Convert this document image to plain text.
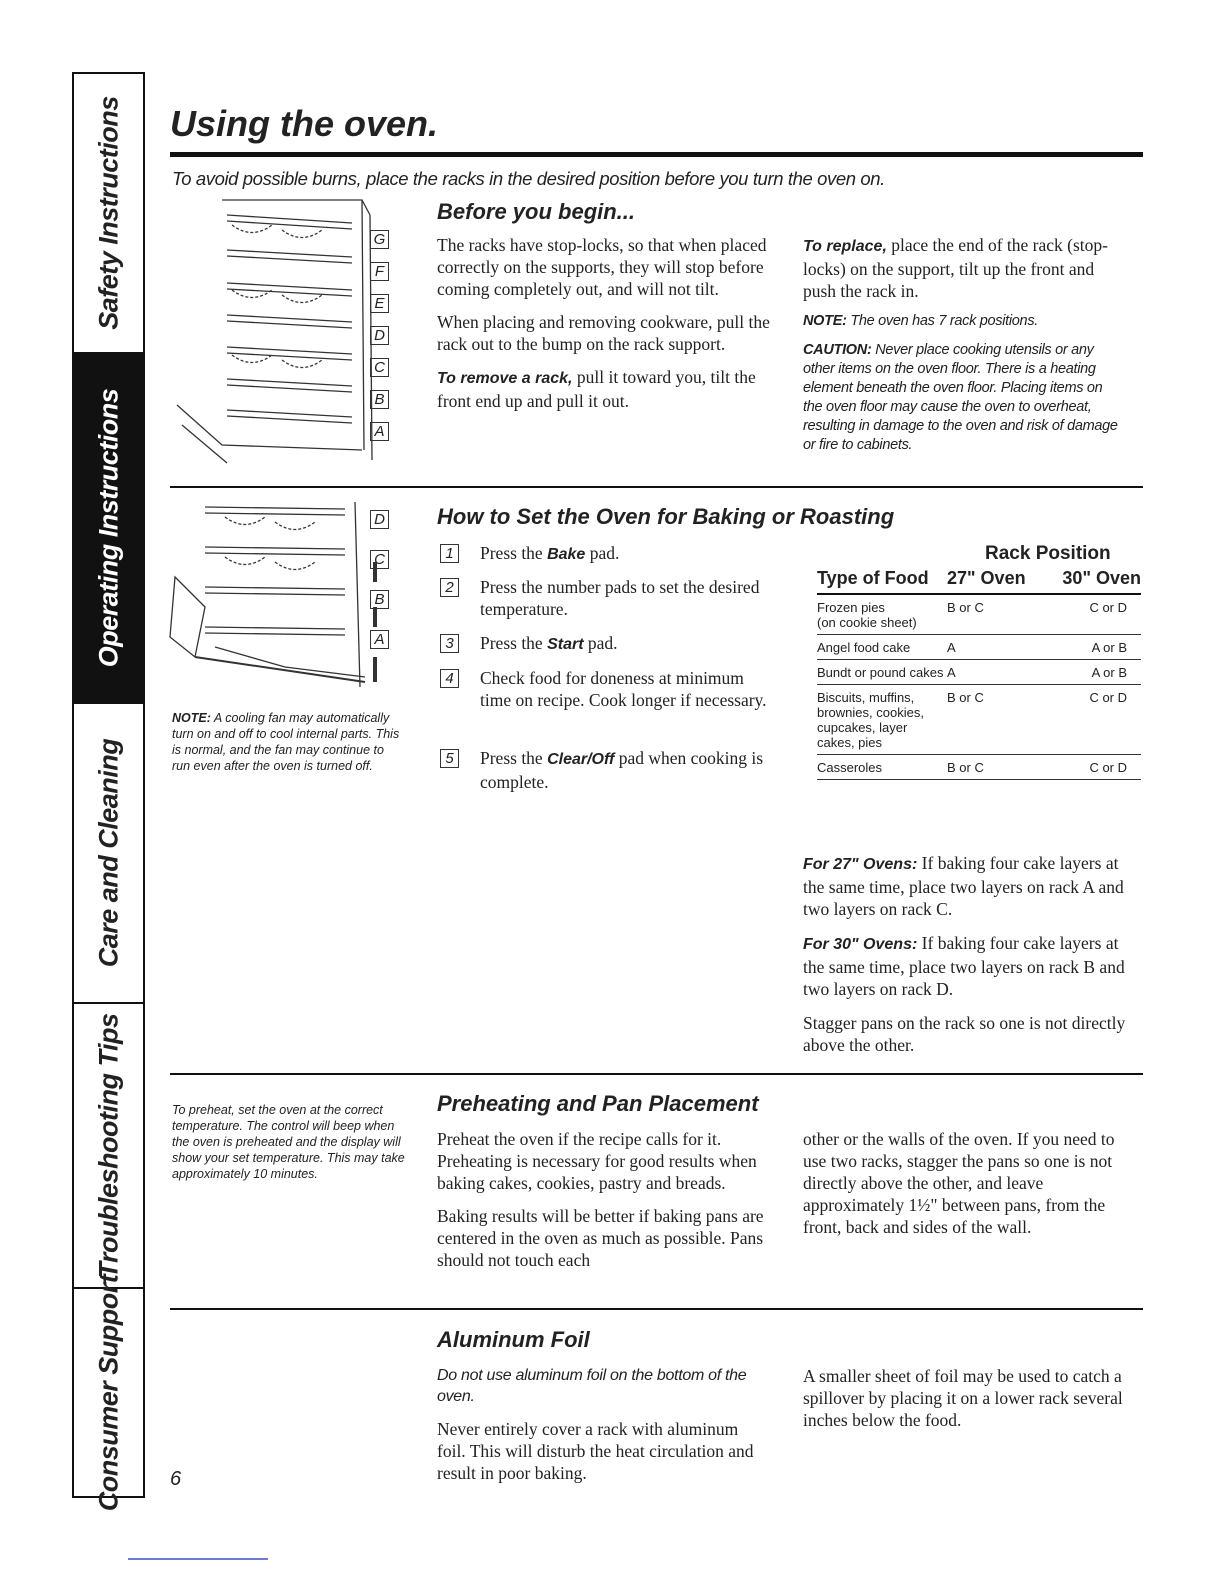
Safety Instructions
Operating Instructions
Care and Cleaning
Troubleshooting Tips
Consumer Support
Using the oven.

To avoid possible burns, place the racks in the desired position before you turn the oven on.

G
F
E
D
C
B
A
Before you begin...

The racks have stop-locks, so that when placed correctly on the supports, they will stop before coming completely out, and will not tilt.

When placing and removing cookware, pull the rack out to the bump on the rack support.

To remove a rack, pull it toward you, tilt the front end up and pull it out.

To replace, place the end of the rack (stop-locks) on the support, tilt up the front and push the rack in.

NOTE: The oven has 7 rack positions.

CAUTION: Never place cooking utensils or any other items on the oven floor. There is a heating element beneath the oven floor. Placing items on the oven floor may cause the oven to overheat, resulting in damage to the oven and risk of damage or fire to cabinets.

D
C
B
A

NOTE: A cooling fan may automatically turn on and off to cool internal parts. This is normal, and the fan may continue to run even after the oven is turned off.

How to Set the Oven for Baking or Roasting
1	Press the Bake pad.

2	Press the number pads to set the desired temperature.

3	Press the Start pad.

4	Check food for doneness at minimum time on recipe. Cook longer if necessary.

5	Press the Clear/Off pad when cooking is complete.

Rack Position
Type of Food	27" Oven	30" Oven
Frozen pies
(on cookie sheet)	B or C	C or D
Angel food cake	A	A or B
Bundt or pound cakes	A	A or B
Biscuits, muffins,
brownies, cookies,
cupcakes, layer
cakes, pies	B or C	C or D
Casseroles	B or C	C or D

For 27" Ovens: If baking four cake layers at the same time, place two layers on rack A and two layers on rack C.

For 30" Ovens: If baking four cake layers at the same time, place two layers on rack B and two layers on rack D.

Stagger pans on the rack so one is not directly above the other.

To preheat, set the oven at the correct temperature. The control will beep when the oven is preheated and the display will show your set temperature. This may take approximately 10 minutes.

Preheating and Pan Placement

Preheat the oven if the recipe calls for it. Preheating is necessary for good results when baking cakes, cookies, pastry and breads.

Baking results will be better if baking pans are centered in the oven as much as possible. Pans should not touch each

other or the walls of the oven. If you need to use two racks, stagger the pans so one is not directly above the other, and leave approximately 1½" between pans, from the front, back and sides of the wall.

Aluminum Foil

Do not use aluminum foil on the bottom of the oven.

Never entirely cover a rack with aluminum foil. This will disturb the heat circulation and result in poor baking.

A smaller sheet of foil may be used to catch a spillover by placing it on a lower rack several inches below the food.

6
